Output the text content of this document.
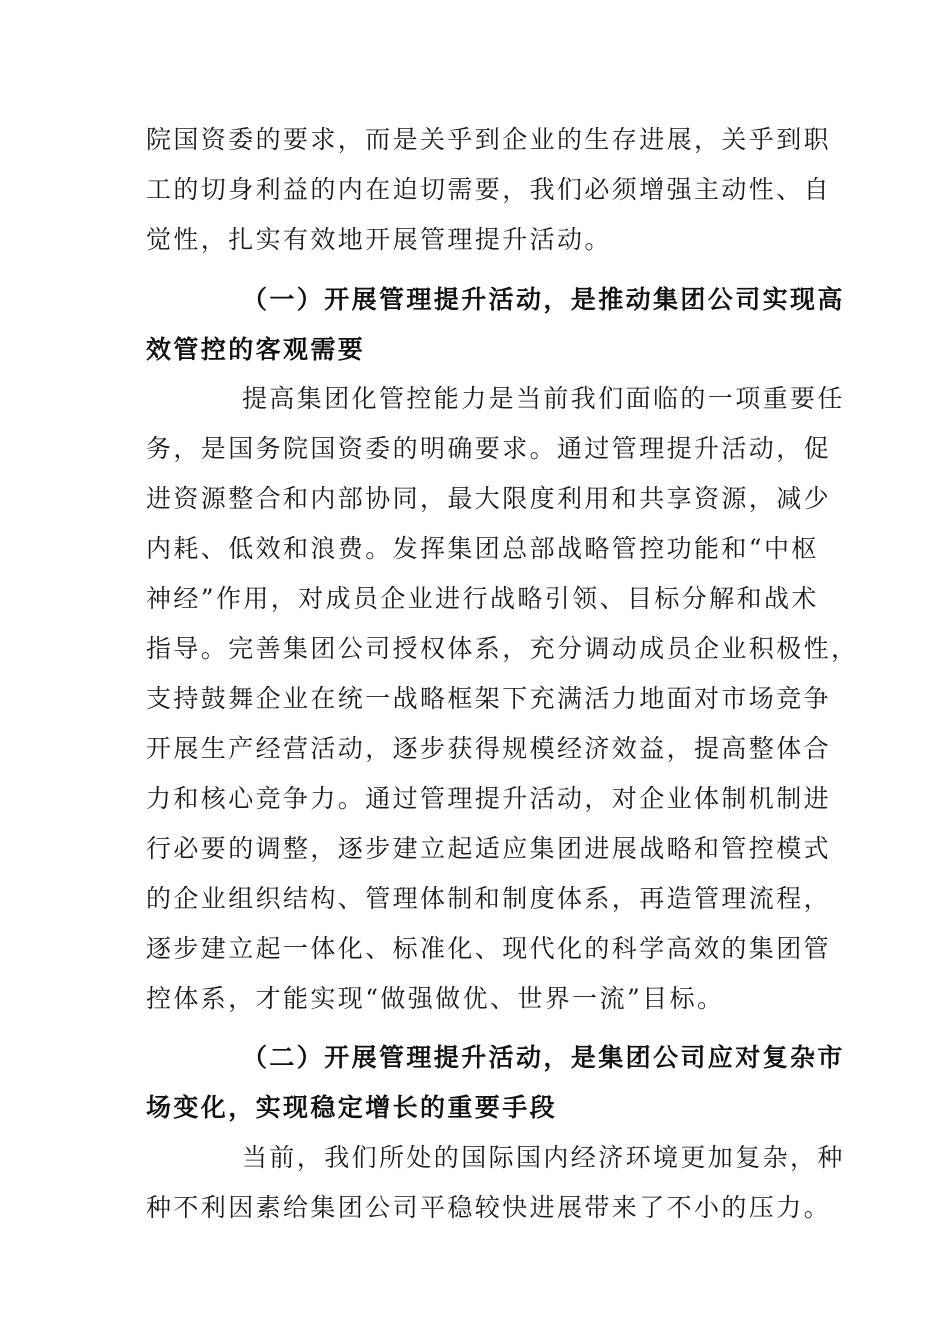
院国资委的要求，而是关乎到企业的生存进展，关乎到职
工的切身利益的内在迫切需要，我们必须增强主动性、自
觉性，扎实有效地开展管理提升活动。
（一）开展管理提升活动，是推动集团公司实现高
效管控的客观需要
提高集团化管控能力是当前我们面临的一项重要任
务，是国务院国资委的明确要求。通过管理提升活动，促
进资源整合和内部协同，最大限度利用和共享资源，减少
内耗、低效和浪费。发挥集团总部战略管控功能和“中枢
神经”作用，对成员企业进行战略引领、目标分解和战术
指导。完善集团公司授权体系，充分调动成员企业积极性，
支持鼓舞企业在统一战略框架下充满活力地面对市场竞争
开展生产经营活动，逐步获得规模经济效益，提高整体合
力和核心竞争力。通过管理提升活动，对企业体制机制进
行必要的调整，逐步建立起适应集团进展战略和管控模式
的企业组织结构、管理体制和制度体系，再造管理流程，
逐步建立起一体化、标准化、现代化的科学高效的集团管
控体系，才能实现“做强做优、世界一流”目标。
（二）开展管理提升活动，是集团公司应对复杂市
场变化，实现稳定增长的重要手段
当前，我们所处的国际国内经济环境更加复杂，种
种不利因素给集团公司平稳较快进展带来了不小的压力。
